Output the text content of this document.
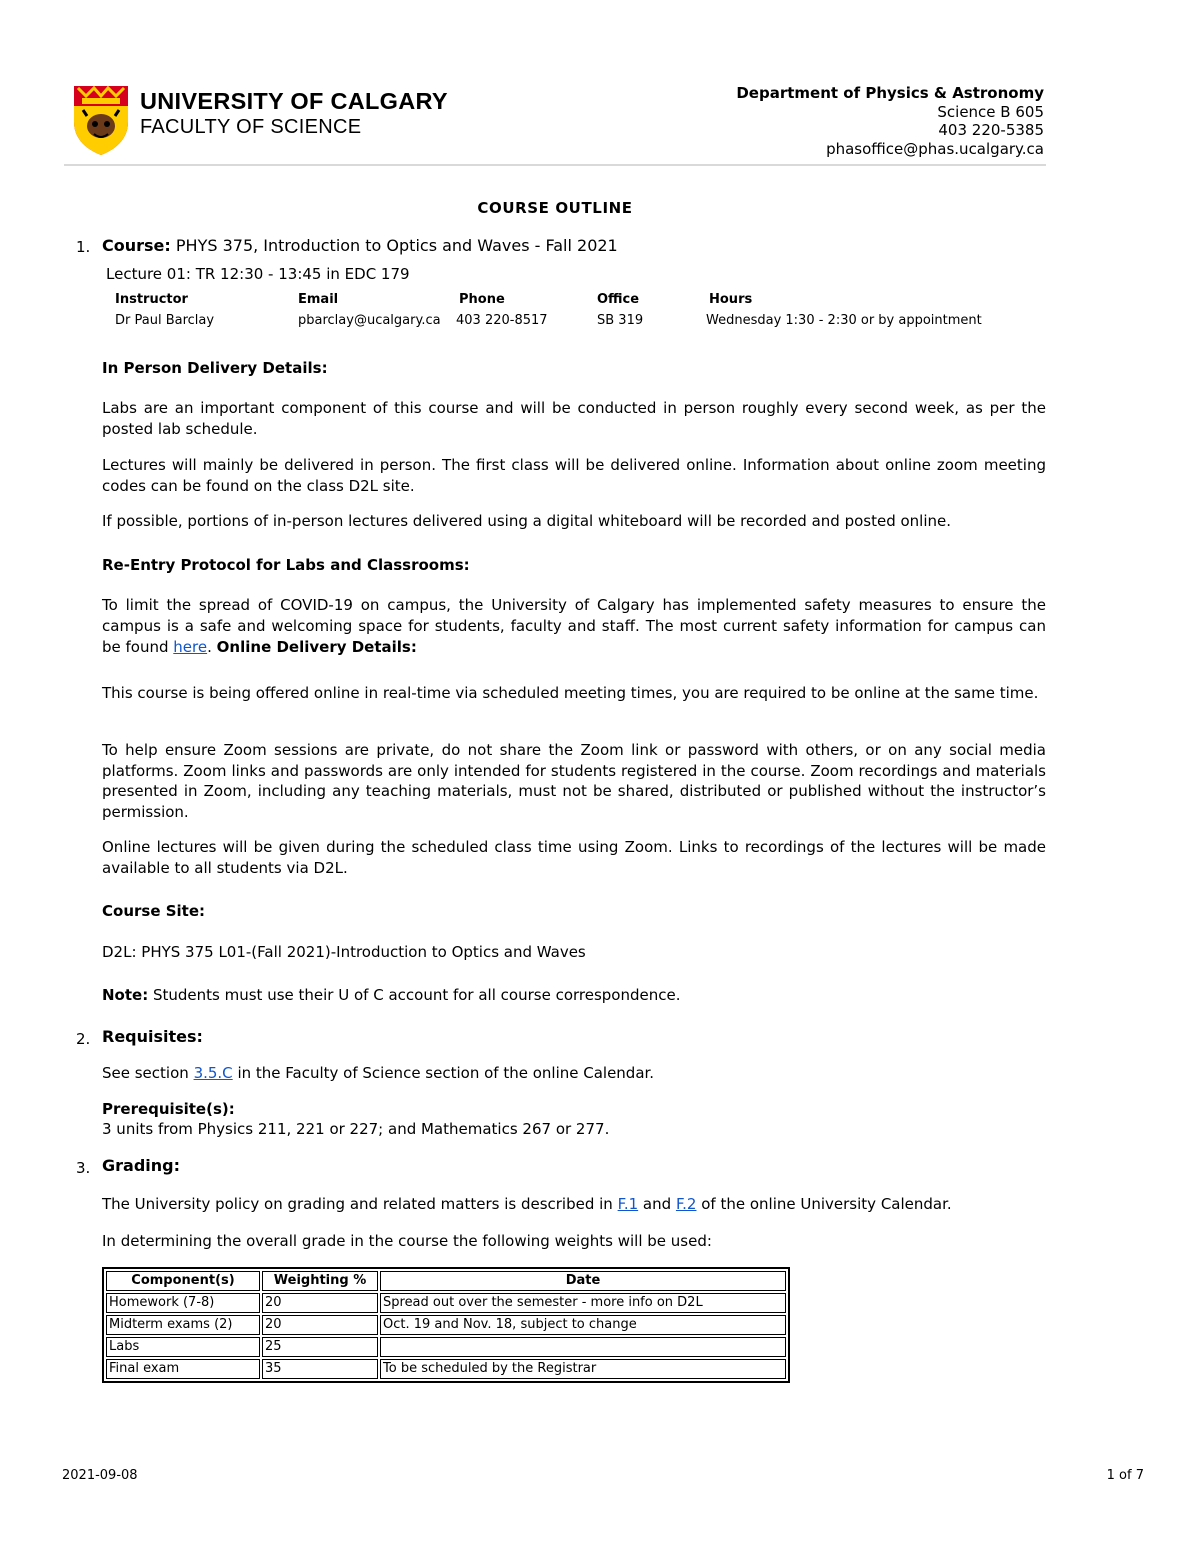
UNIVERSITY OF CALGARY
FACULTY OF SCIENCE
Department of Physics & Astronomy
Science B 605
403 220-5385
phasoffice@phas.ucalgary.ca
COURSE OUTLINE
1. Course: PHYS 375, Introduction to Optics and Waves - Fall 2021
Lecture 01: TR 12:30 - 13:45 in EDC 179
Instructor	Email	Phone	Office	Hours
Dr Paul Barclay	pbarclay@ucalgary.ca 403 220-8517	SB 319	Wednesday 1:30 - 2:30 or by appointment
In Person Delivery Details:
Labs are an important component of this course and will be conducted in person roughly every second week, as per the posted lab schedule.
Lectures will mainly be delivered in person. The first class will be delivered online. Information about online zoom meeting codes can be found on the class D2L site.
If possible, portions of in-person lectures delivered using a digital whiteboard will be recorded and posted online.
Re-Entry Protocol for Labs and Classrooms:
To limit the spread of COVID-19 on campus, the University of Calgary has implemented safety measures to ensure the campus is a safe and welcoming space for students, faculty and staff. The most current safety information for campus can be found here. Online Delivery Details:
This course is being offered online in real-time via scheduled meeting times, you are required to be online at the same time.
To help ensure Zoom sessions are private, do not share the Zoom link or password with others, or on any social media platforms. Zoom links and passwords are only intended for students registered in the course. Zoom recordings and materials presented in Zoom, including any teaching materials, must not be shared, distributed or published without the instructor’s permission.
Online lectures will be given during the scheduled class time using Zoom. Links to recordings of the lectures will be made available to all students via D2L.
Course Site:
D2L: PHYS 375 L01-(Fall 2021)-Introduction to Optics and Waves
Note: Students must use their U of C account for all course correspondence.
2. Requisites:
See section 3.5.C in the Faculty of Science section of the online Calendar.
Prerequisite(s):
3 units from Physics 211, 221 or 227; and Mathematics 267 or 277.
3. Grading:
The University policy on grading and related matters is described in F.1 and F.2 of the online University Calendar.
In determining the overall grade in the course the following weights will be used:
Component(s)	Weighting %	Date
Homework (7-8)	20	Spread out over the semester - more info on D2L
Midterm exams (2)	20	Oct. 19 and Nov. 18, subject to change
Labs	25	
Final exam	35	To be scheduled by the Registrar
2021-09-08	1 of 7
